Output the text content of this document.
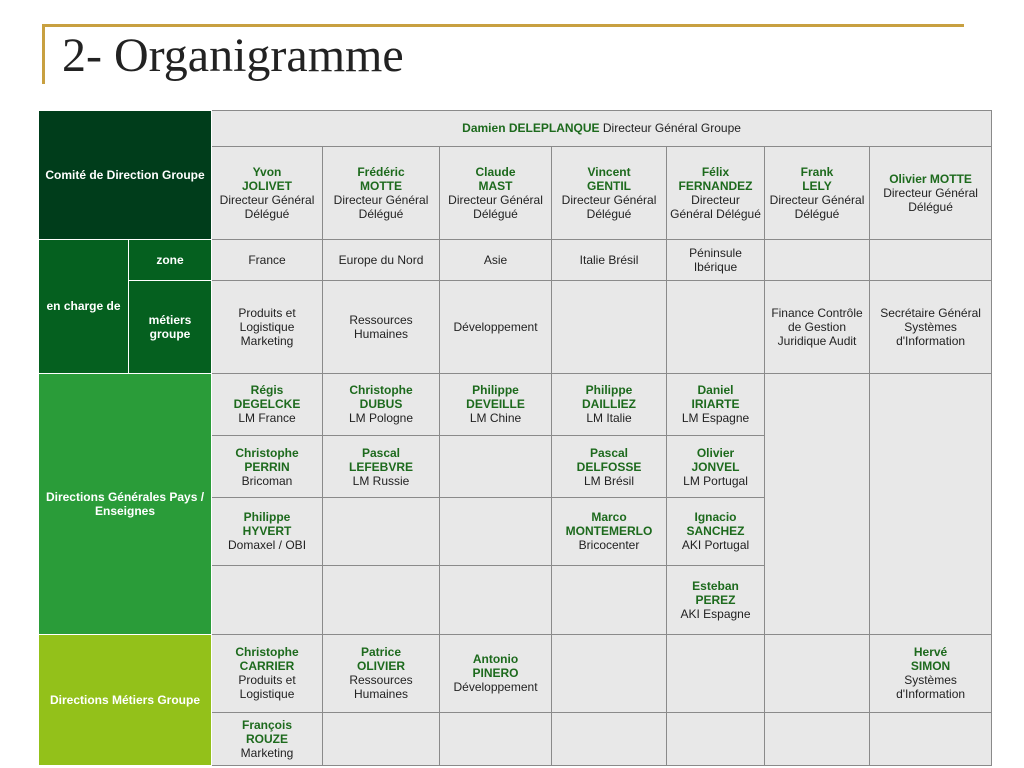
2- Organigramme
Comité de Direction Groupe		Damien DELEPLANQUE Directeur Général Groupe						

		Yvon
JOLIVET
Directeur Général Délégué	Frédéric
MOTTE
Directeur Général Délégué	Claude
MAST
Directeur Général Délégué	Vincent
GENTIL
Directeur Général Délégué	Félix
FERNANDEZ
Directeur Général Délégué	Frank
LELY
Directeur Général Délégué	Olivier MOTTE
Directeur Général Délégué

en charge de	zone	France	Europe du Nord	Asie	Italie Brésil	Péninsule Ibérique		
	métiers groupe	Produits et Logistique Marketing	Ressources Humaines	Développement			Finance Contrôle de Gestion Juridique Audit	Secrétaire Général Systèmes d'Information
Directions Générales Pays / Enseignes		Régis
DEGELCKE
LM France	Christophe
DUBUS
LM Pologne	Philippe
DEVEILLE
LM Chine	Philippe
DAILLIEZ
LM Italie	Daniel
IRIARTE
LM Espagne		

		Christophe
PERRIN
Bricoman	Pascal
LEFEBVRE
LM Russie		Pascal
DELFOSSE
LM Brésil	Olivier
JONVEL
LM Portugal		

		Philippe
HYVERT
Domaxel / OBI			Marco
MONTEMERLO
Bricocenter	Ignacio
SANCHEZ
AKI Portugal		

						Esteban
PEREZ
AKI Espagne		

Directions Métiers Groupe		Christophe
CARRIER
Produits et Logistique	Patrice
OLIVIER
Ressources Humaines	Antonio
PINERO
Développement				Hervé
SIMON
Systèmes d'Information

		François
ROUZE
Marketing						
